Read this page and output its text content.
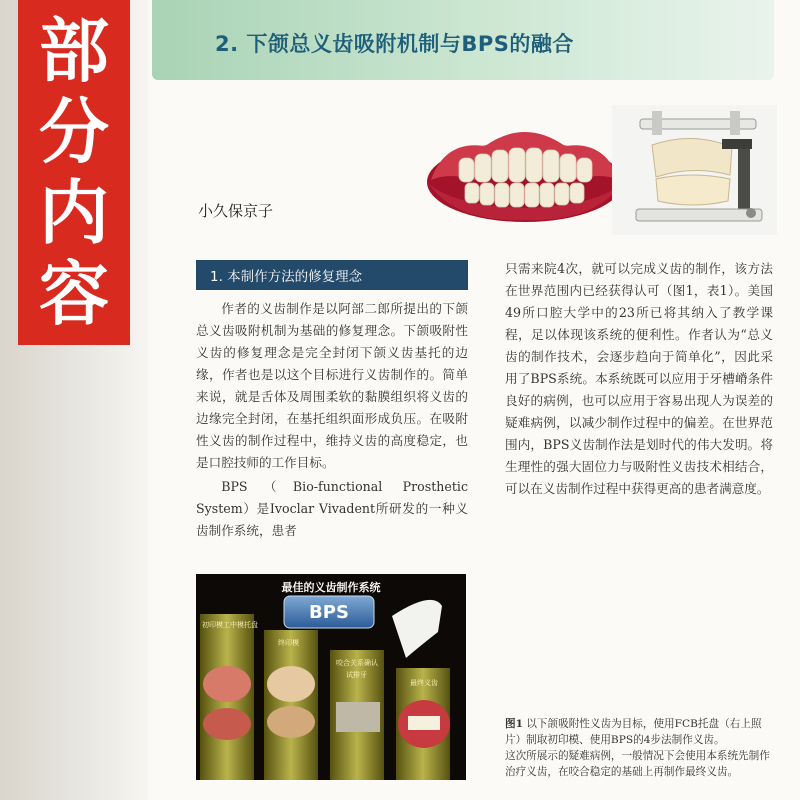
部
分
内
容
2. 下颌总义齿吸附机制与BPS的融合
小久保京子
1. 本制作方法的修复理念

作者的义齿制作是以阿部二郎所提出的下颌总义齿吸附机制为基础的修复理念。下颌吸附性义齿的修复理念是完全封闭下颌义齿基托的边缘，作者也是以这个目标进行义齿制作的。简单来说，就是舌体及周围柔软的黏膜组织将义齿的边缘完全封闭，在基托组织面形成负压。在吸附性义齿的制作过程中，维持义齿的高度稳定，也是口腔技师的工作目标。

BPS（Bio-functional Prosthetic System）是Ivoclar Vivadent所研发的一种义齿制作系统，患者

只需来院4次，就可以完成义齿的制作，该方法在世界范围内已经获得认可（图1，表1）。美国49所口腔大学中的23所已将其纳入了教学课程，足以体现该系统的便利性。作者认为“总义齿的制作技术，会逐步趋向于简单化”，因此采用了BPS系统。本系统既可以应用于牙槽嵴条件良好的病例，也可以应用于容易出现人为误差的疑难病例，以减少制作过程中的偏差。在世界范围内，BPS义齿制作法是划时代的伟大发明。将生理性的强大固位力与吸附性义齿技术相结合，可以在义齿制作过程中获得更高的患者满意度。

最佳的义齿制作系统
BPS
初印模工中模托盘
终印模
咬合关系确认
试排牙
最终义齿
图1 以下颌吸附性义齿为目标，使用FCB托盘（右上照片）制取初印模、使用BPS的4步法制作义齿。
这次所展示的疑难病例，一般情况下会使用本系统先制作治疗义齿，在咬合稳定的基础上再制作最终义齿。
